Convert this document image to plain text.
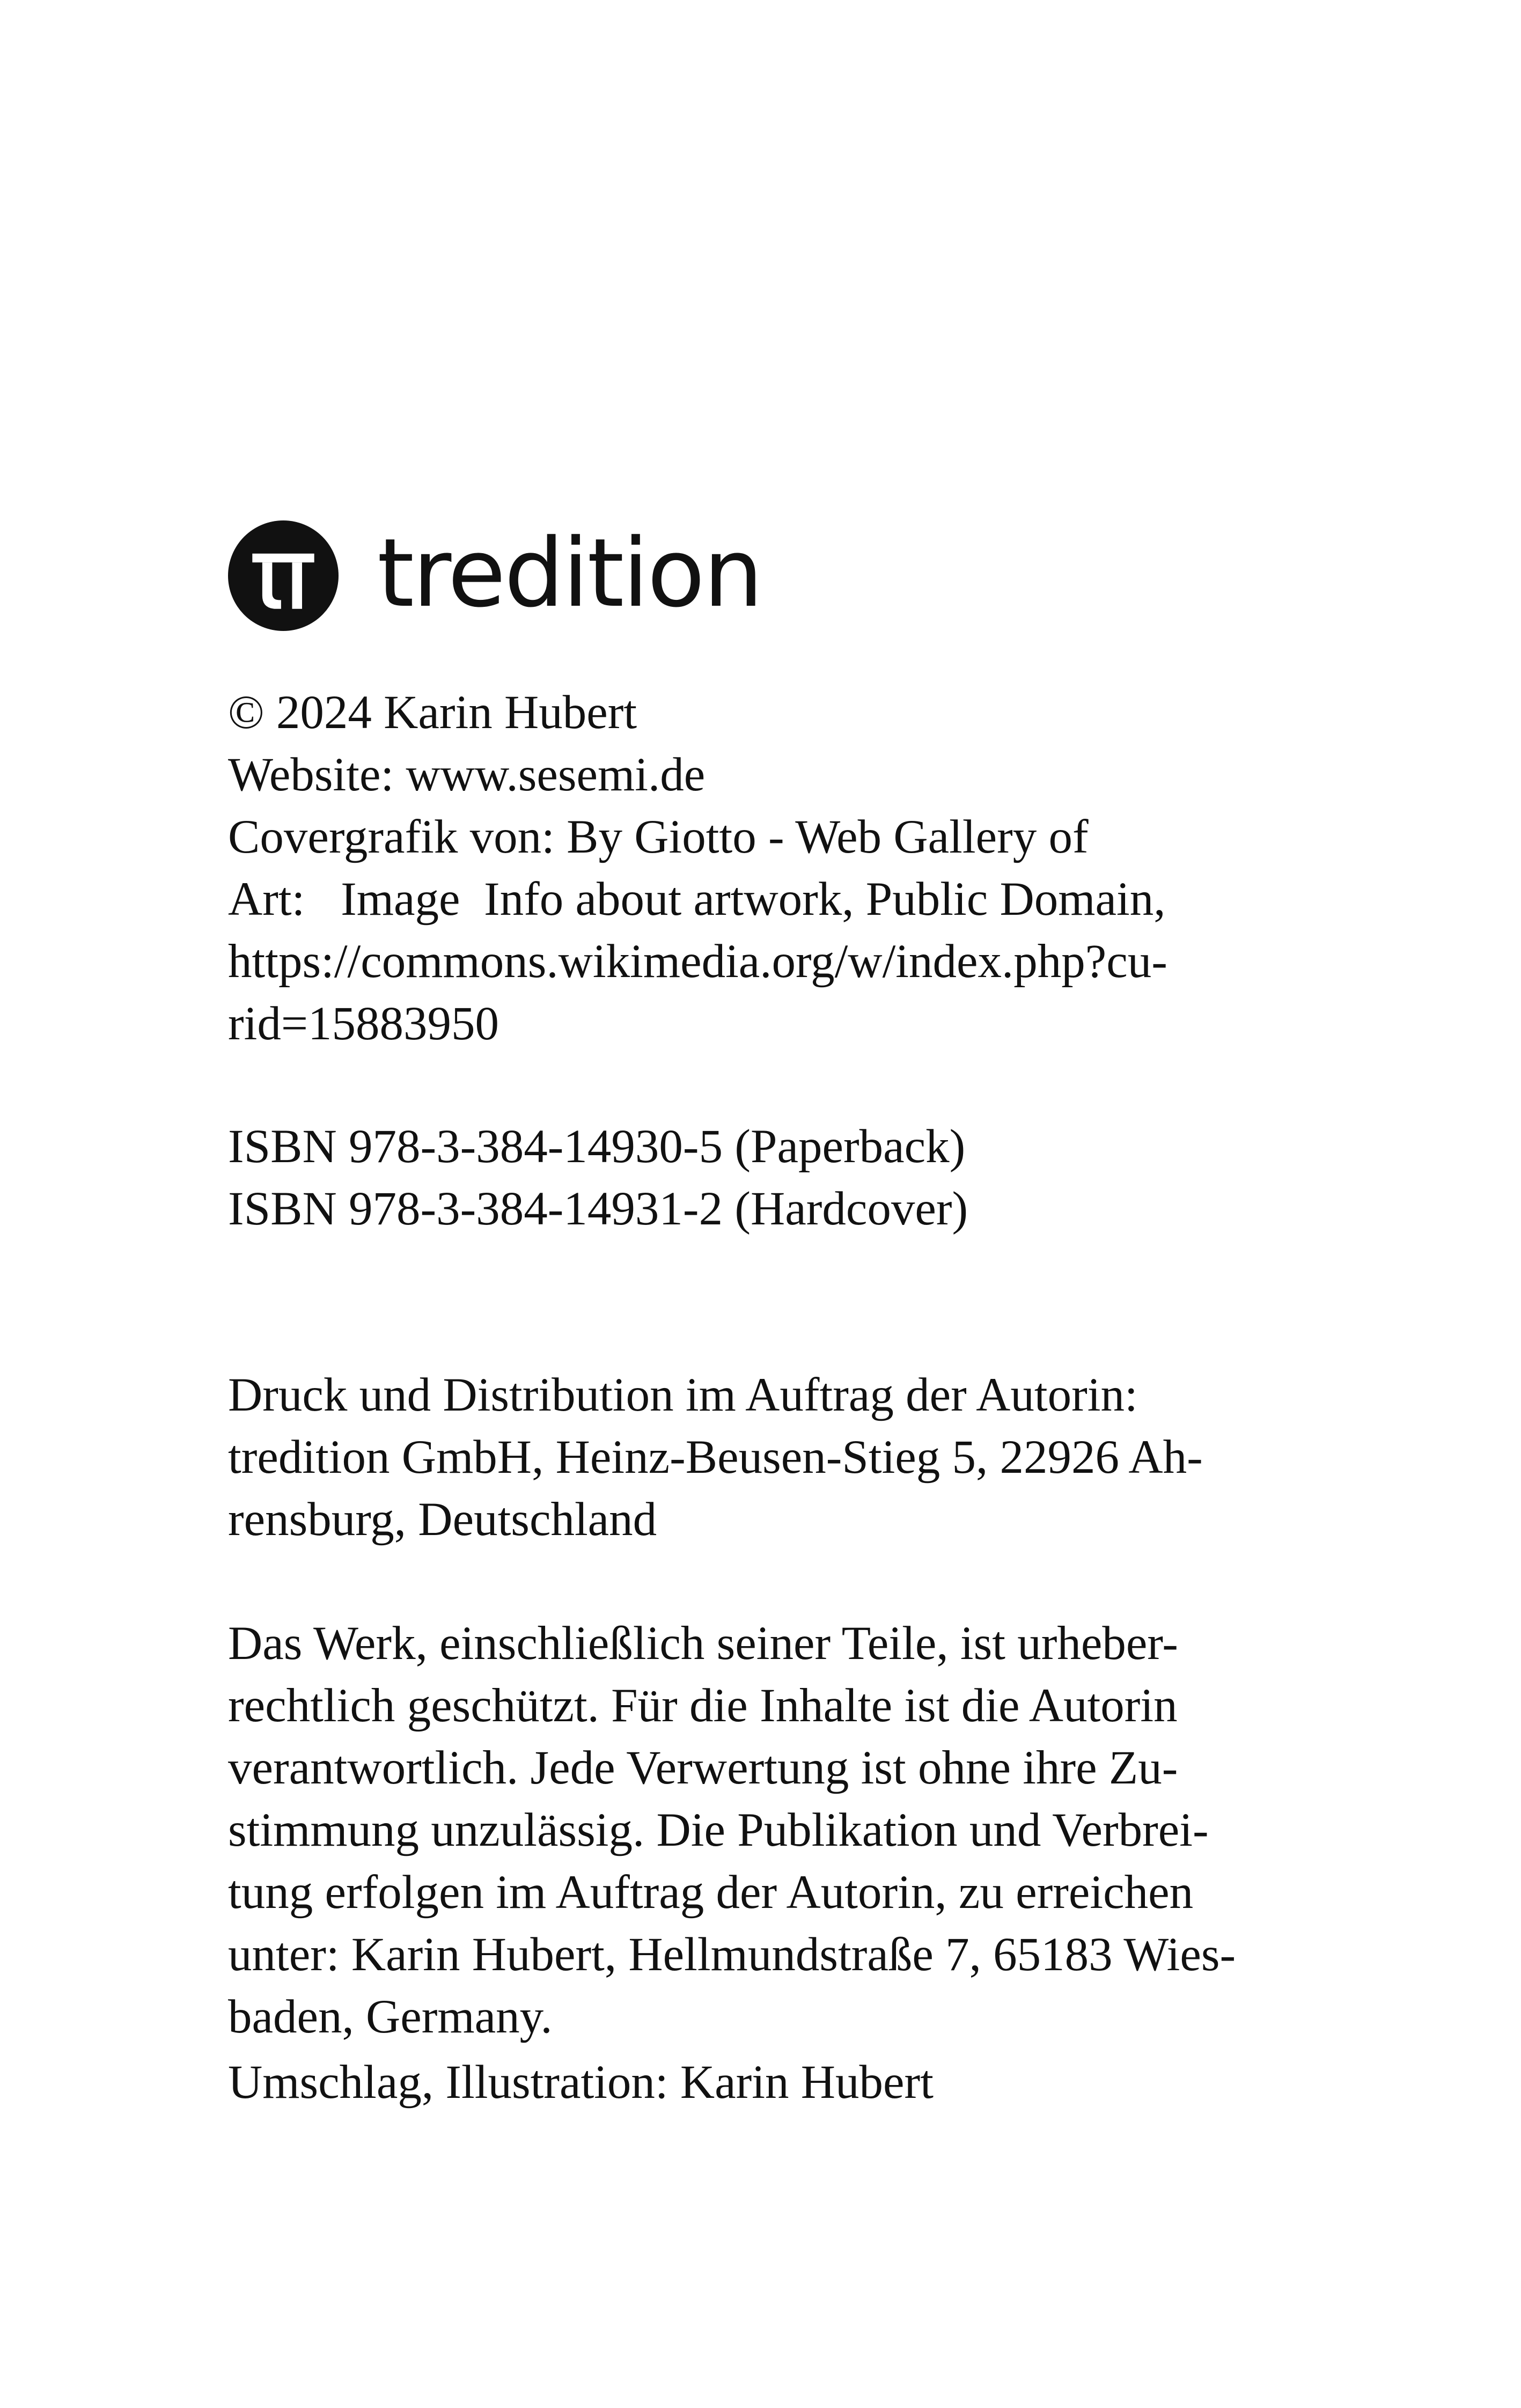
tredition
© 2024 Karin Hubert
Website: www.sesemi.de
Covergrafik von: By Giotto - Web Gallery of
Art:   Image  Info about artwork, Public Domain,
https://commons.wikimedia.org/w/index.php?cu-
rid=15883950
ISBN 978-3-384-14930-5 (Paperback)
ISBN 978-3-384-14931-2 (Hardcover)
Druck und Distribution im Auftrag der Autorin:
tredition GmbH, Heinz-Beusen-Stieg 5, 22926 Ah-
rensburg, Deutschland
Das Werk, einschließlich seiner Teile, ist urheber-
rechtlich geschützt. Für die Inhalte ist die Autorin
verantwortlich. Jede Verwertung ist ohne ihre Zu-
stimmung unzulässig. Die Publikation und Verbrei-
tung erfolgen im Auftrag der Autorin, zu erreichen
unter: Karin Hubert, Hellmundstraße 7, 65183 Wies-
baden, Germany.
Umschlag, Illustration: Karin Hubert
